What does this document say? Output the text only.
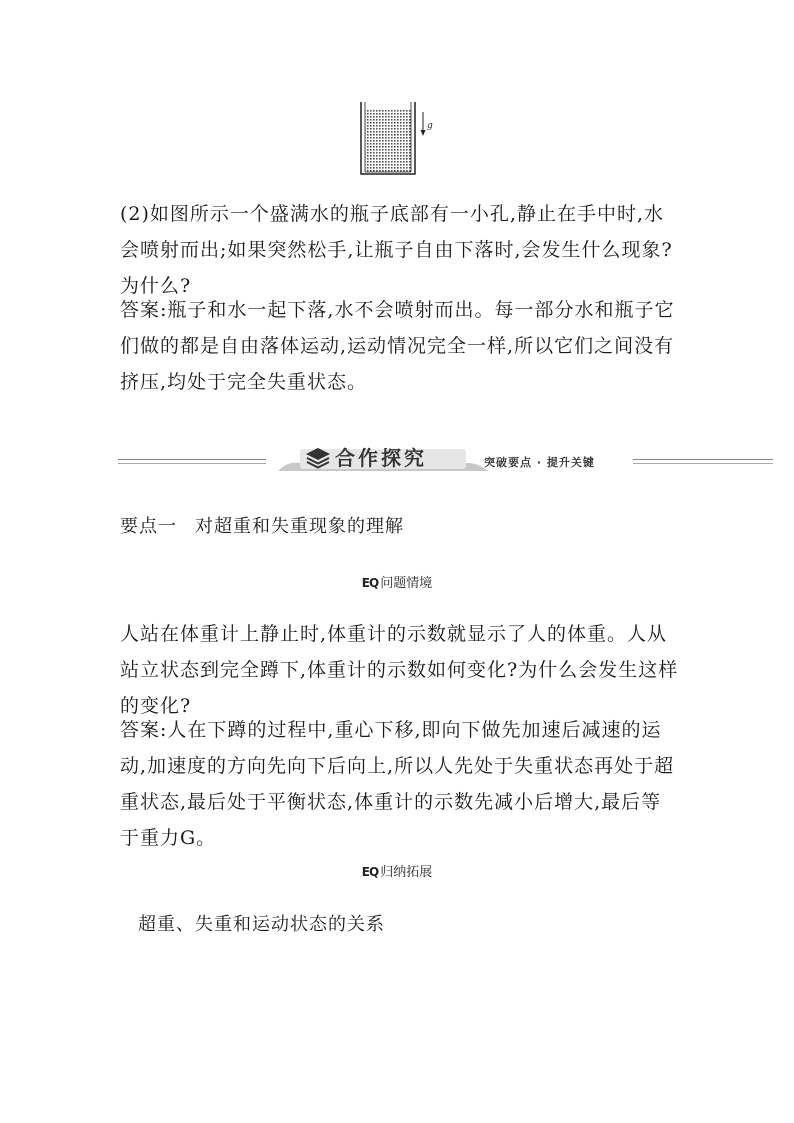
g

(2)如图所示一个盛满水的瓶子底部有一小孔,静止在手中时,水会喷射而出;如果突然松手,让瓶子自由下落时,会发生什么现象?为什么?

答案:瓶子和水一起下落,水不会喷射而出。每一部分水和瓶子它们做的都是自由落体运动,运动情况完全一样,所以它们之间没有挤压,均处于完全失重状态。

合作探究	突破要点 · 提升关键
要点一 对超重和失重现象的理解
EQ 问题情境

人站在体重计上静止时,体重计的示数就显示了人的体重。人从站立状态到完全蹲下,体重计的示数如何变化?为什么会发生这样的变化?

答案:人在下蹲的过程中,重心下移,即向下做先加速后减速的运动,加速度的方向先向下后向上,所以人先处于失重状态再处于超重状态,最后处于平衡状态,体重计的示数先减小后增大,最后等于重力G。

EQ 归纳拓展
超重、失重和运动状态的关系
